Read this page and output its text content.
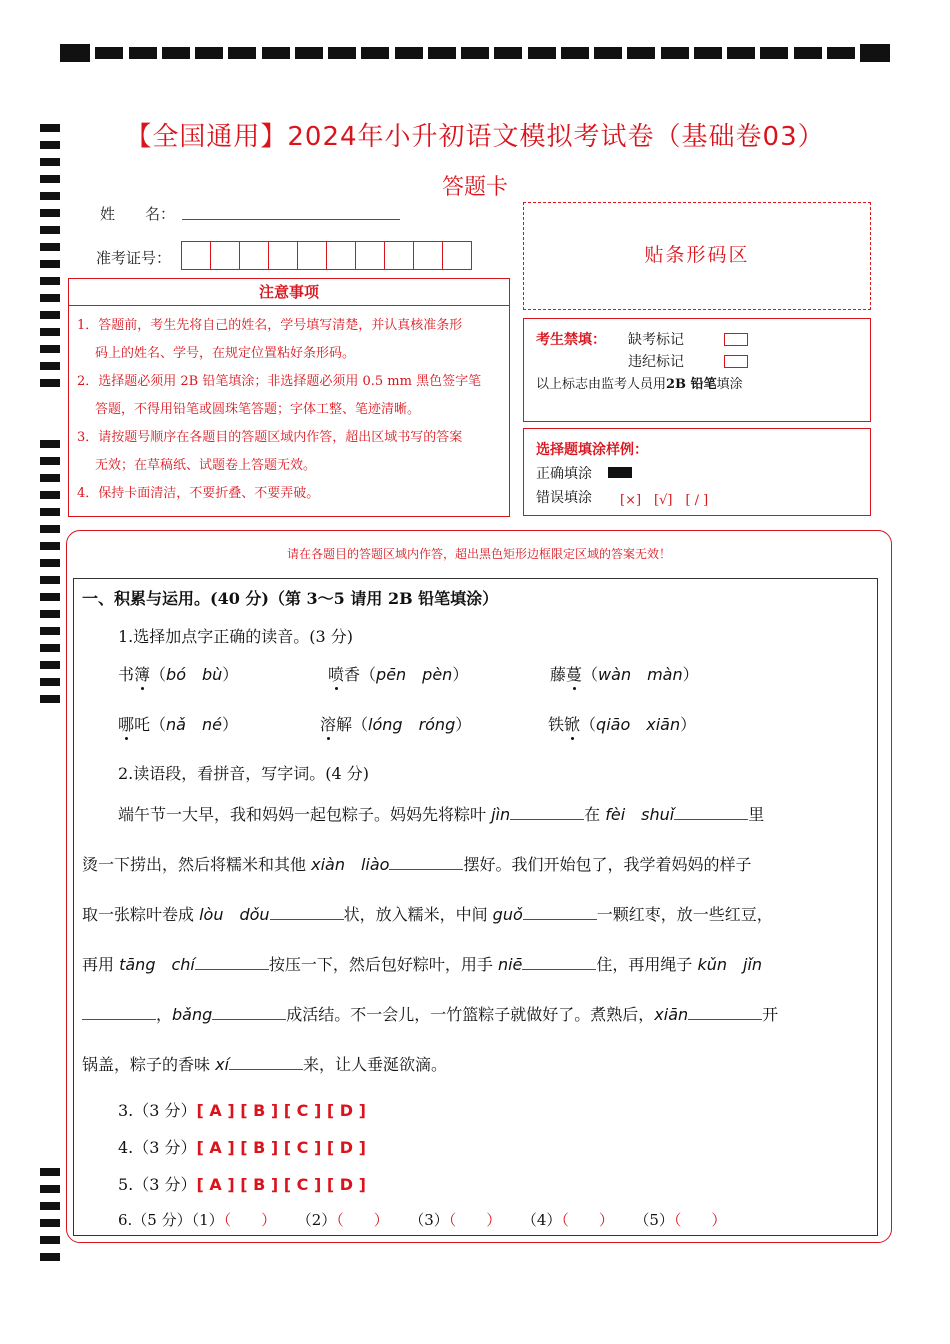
【全国通用】2024年小升初语文模拟考试卷（基础卷03）
答题卡
姓　　名：
准考证号：
注意事项

1．答题前，考生先将自己的姓名，学号填写清楚，并认真核准条形

码上的姓名、学号，在规定位置粘好条形码。

2．选择题必须用 2B 铅笔填涂；非选择题必须用 0.5 mm 黑色签字笔

答题，不得用铅笔或圆珠笔答题；字体工整、笔迹清晰。

3．请按题号顺序在各题目的答题区域内作答，超出区域书写的答案

无效；在草稿纸、试题卷上答题无效。

4．保持卡面清洁，不要折叠、不要弄破。

贴条形码区
考生禁填： 缺考标记
违纪标记
以上标志由监考人员用2B 铅笔填涂
选择题填涂样例：
正确填涂
错误填涂 [×]　[√]　[ / ]
请在各题目的答题区域内作答，超出黑色矩形边框限定区域的答案无效！
一、积累与运用。(40 分)（第 3～5 请用 2B 铅笔填涂）
1.选择加点字正确的读音。(3 分)
书簿（bó　bù）	喷香（pēn　pèn）	藤蔓（wàn　màn）
哪吒（nǎ　né）	溶解（lóng　róng）	铁锨（qiāo　xiān）
2.读语段，看拼音，写字词。(4 分)
端午节一大早，我和妈妈一起包粽子。妈妈先将粽叶 jìn	在 fèi　shuǐ	里
烫一下捞出，然后将糯米和其他 xiàn　liào	摆好。我们开始包了，我学着妈妈的样子
取一张粽叶卷成 lòu　dǒu	状，放入糯米，中间 guǒ	一颗红枣，放一些红豆，
再用 tāng　chí	按压一下，然后包好粽叶，用手 niē	住，再用绳子 kǔn　jǐn
，bǎng	成活结。不一会儿，一竹篮粽子就做好了。煮熟后，xiān	开
锅盖，粽子的香味 xí	来，让人垂涎欲滴。
3.（3 分）[ A ] [ B ] [ C ] [ D ]
4.（3 分）[ A ] [ B ] [ C ] [ D ]
5.（3 分）[ A ] [ B ] [ C ] [ D ]
6.（5 分）（1）（　　） （2）（　　） （3）（　　） （4）（　　） （5）（　　）
